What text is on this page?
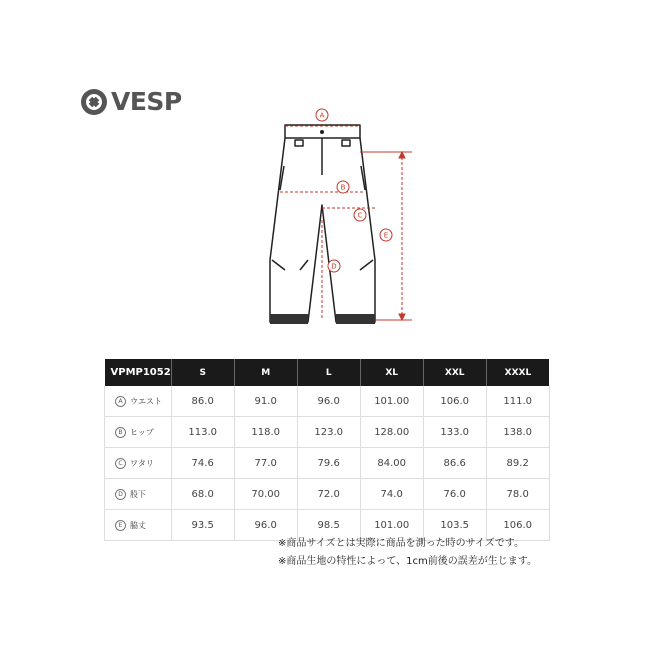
VESP	A
B
C
D
E
VPMP1052	S	M	L	XL	XXL	XXXL
A ウエスト	86.0	91.0	96.0	101.00	106.0	111.0
B ヒップ	113.0	118.0	123.0	128.00	133.0	138.0
C ワタリ	74.6	77.0	79.6	84.00	86.6	89.2
D 股下	68.0	70.00	72.0	74.0	76.0	78.0
E 脇丈	93.5	96.0	98.5	101.00	103.5	106.0
※商品サイズとは実際に商品を測った時のサイズです。
※商品生地の特性によって、1cm前後の誤差が生じます。
